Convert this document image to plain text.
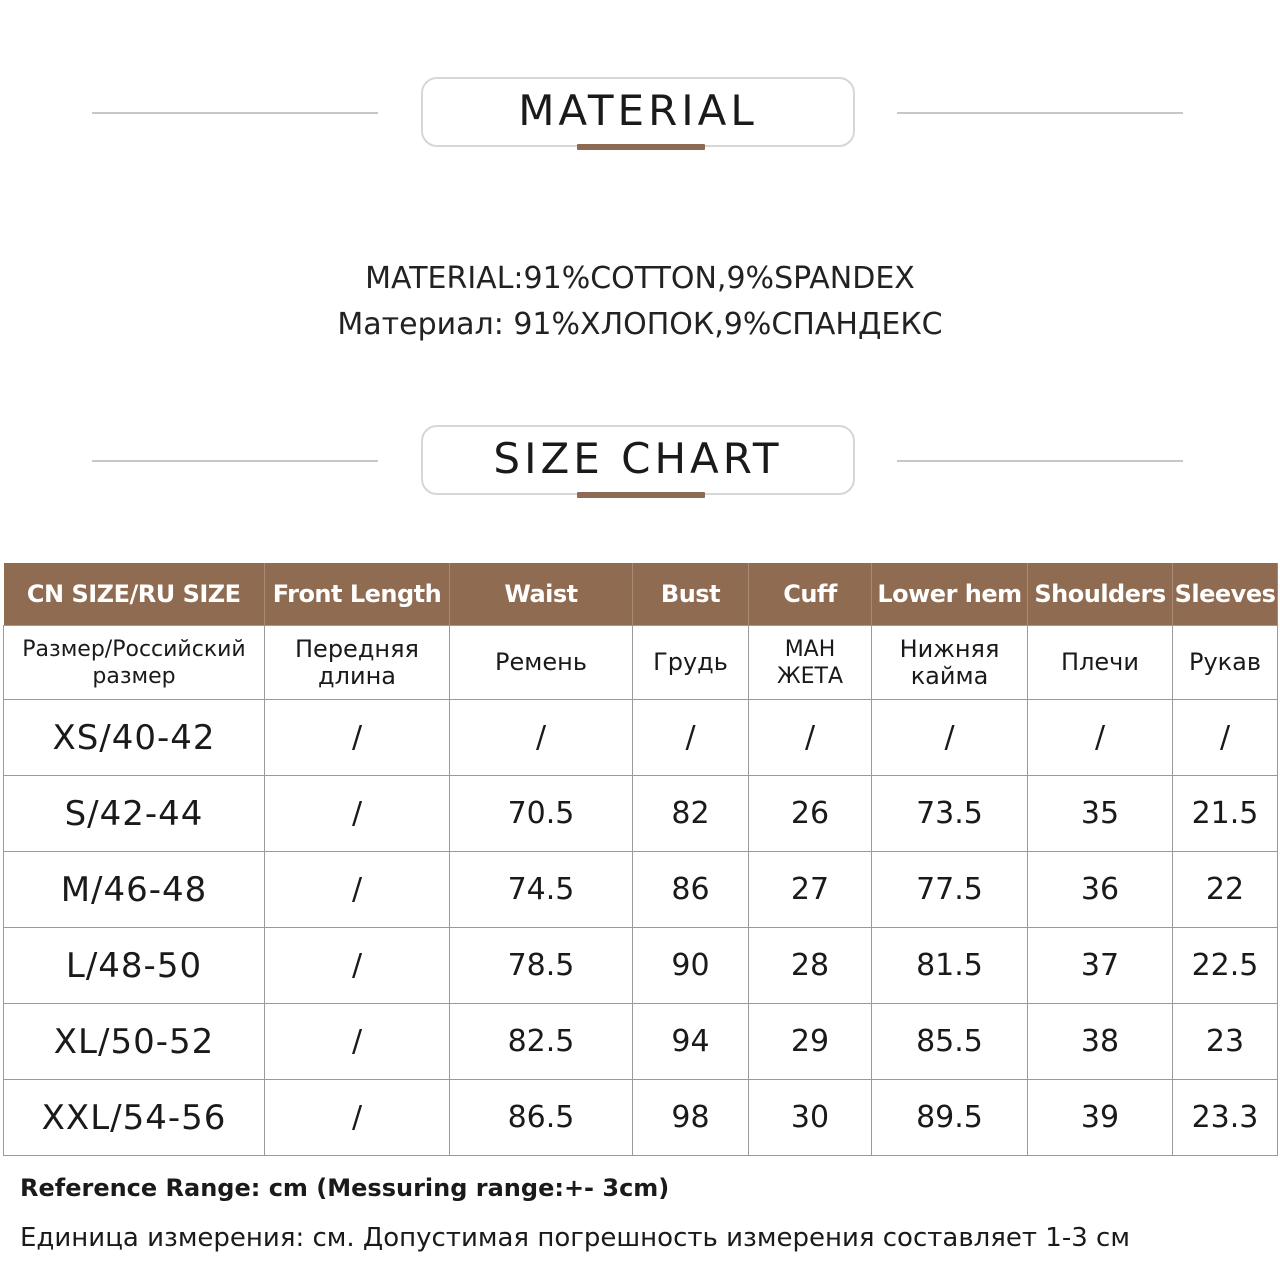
MATERIAL
MATERIAL:91%COTTON,9%SPANDEX
Материал: 91%ХЛОПОК,9%СПАНДЕКС
SIZE CHART
CN SIZE/RU SIZE	Front Length	Waist	Bust	Cuff	Lower hem	Shoulders	Sleeves
Размер/Российский размер	Передняя длина	Ремень	Грудь	МАН ЖЕТА	Нижняя кайма	Плечи	Рукав
XS/40-42	/	/	/	/	/	/	/
S/42-44	/	70.5	82	26	73.5	35	21.5
M/46-48	/	74.5	86	27	77.5	36	22
L/48-50	/	78.5	90	28	81.5	37	22.5
XL/50-52	/	82.5	94	29	85.5	38	23
XXL/54-56	/	86.5	98	30	89.5	39	23.3
Reference Range: cm (Messuring range:+- 3cm)
Единица измерения: см. Допустимая погрешность измерения составляет 1-3 см
